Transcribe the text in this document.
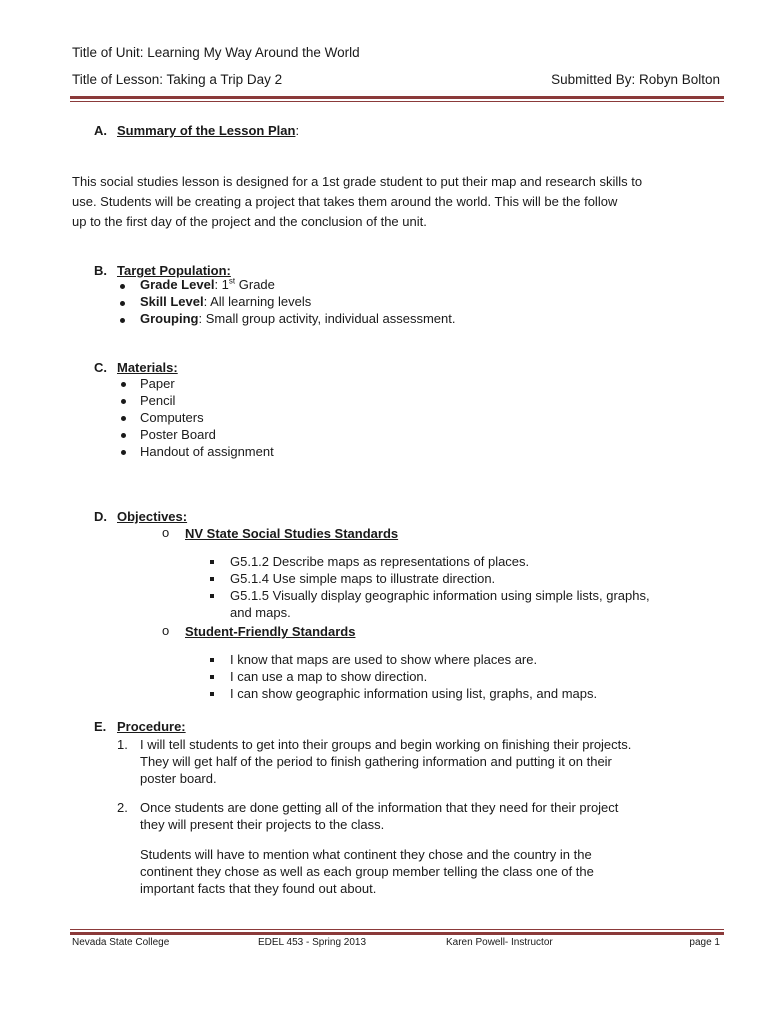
Title of Unit: Learning My Way Around the World
Title of Lesson: Taking a Trip Day 2	Submitted By: Robyn Bolton
A. Summary of the Lesson Plan:
This social studies lesson is designed for a 1st grade student to put their map and research skills to
use. Students will be creating a project that takes them around the world. This will be the follow
up to the first day of the project and the conclusion of the unit.
B. Target Population:
Grade Level: 1st Grade
Skill Level: All learning levels
Grouping: Small group activity, individual assessment.
C. Materials:
Paper
Pencil
Computers
Poster Board
Handout of assignment
D. Objectives:
o NV State Social Studies Standards
G5.1.2 Describe maps as representations of places.
G5.1.4 Use simple maps to illustrate direction.
G5.1.5 Visually display geographic information using simple lists, graphs,
and maps.
o Student-Friendly Standards
I know that maps are used to show where places are.
I can use a map to show direction.
I can show geographic information using list, graphs, and maps.
E. Procedure:
1. I will tell students to get into their groups and begin working on finishing their projects.
They will get half of the period to finish gathering information and putting it on their
poster board.
2. Once students are done getting all of the information that they need for their project
they will present their projects to the class.
Students will have to mention what continent they chose and the country in the
continent they chose as well as each group member telling the class one of the
important facts that they found out about.
Nevada State College	EDEL 453 - Spring 2013	Karen Powell- Instructor	page 1
